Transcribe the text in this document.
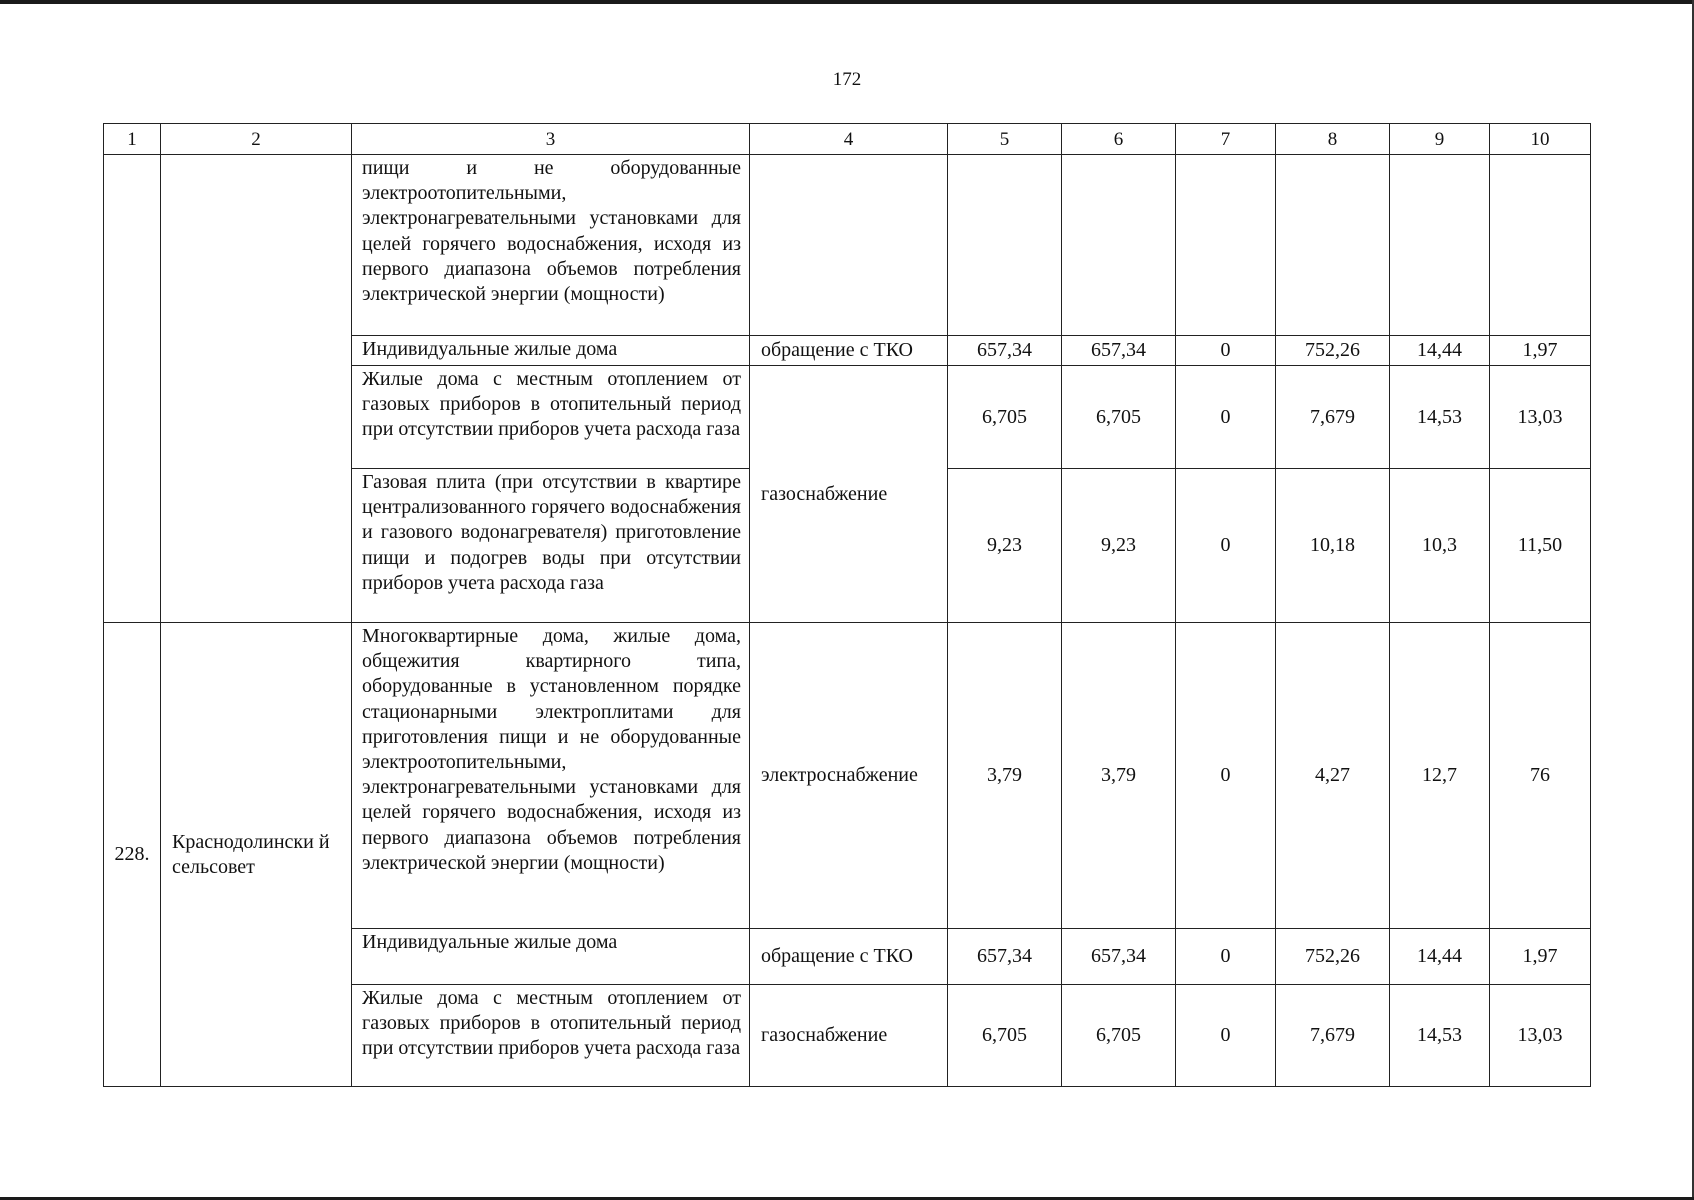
172
1	2	3	4	5	6	7	8	9	10
		пищи и не оборудованные электроотопительными, электронагревательными установками для целей горячего водоснабжения, исходя из первого диапазона объемов потребления электрической энергии (мощности)							
		Индивидуальные жилые дома	обращение с ТКО	657,34	657,34	0	752,26	14,44	1,97
		Жилые дома с местным отоплением от газовых приборов в отопительный период при отсутствии приборов учета расхода газа	газоснабжение	6,705	6,705	0	7,679	14,53	13,03
		Газовая плита (при отсутствии в квартире централизованного горячего водоснабжения и газового водонагревателя) приготовление пищи и подогрев воды при отсутствии приборов учета расхода газа		9,23	9,23	0	10,18	10,3	11,50
228.	Краснодолински й сельсовет	Многоквартирные дома, жилые дома, общежития квартирного типа, оборудованные в установленном порядке стационарными электроплитами для приготовления пищи и не оборудованные электроотопительными, электронагревательными установками для целей горячего водоснабжения, исходя из первого диапазона объемов потребления электрической энергии (мощности)	электроснабжение	3,79	3,79	0	4,27	12,7	76
		Индивидуальные жилые дома	обращение с ТКО	657,34	657,34	0	752,26	14,44	1,97
		Жилые дома с местным отоплением от газовых приборов в отопительный период при отсутствии приборов учета расхода газа	газоснабжение	6,705	6,705	0	7,679	14,53	13,03
